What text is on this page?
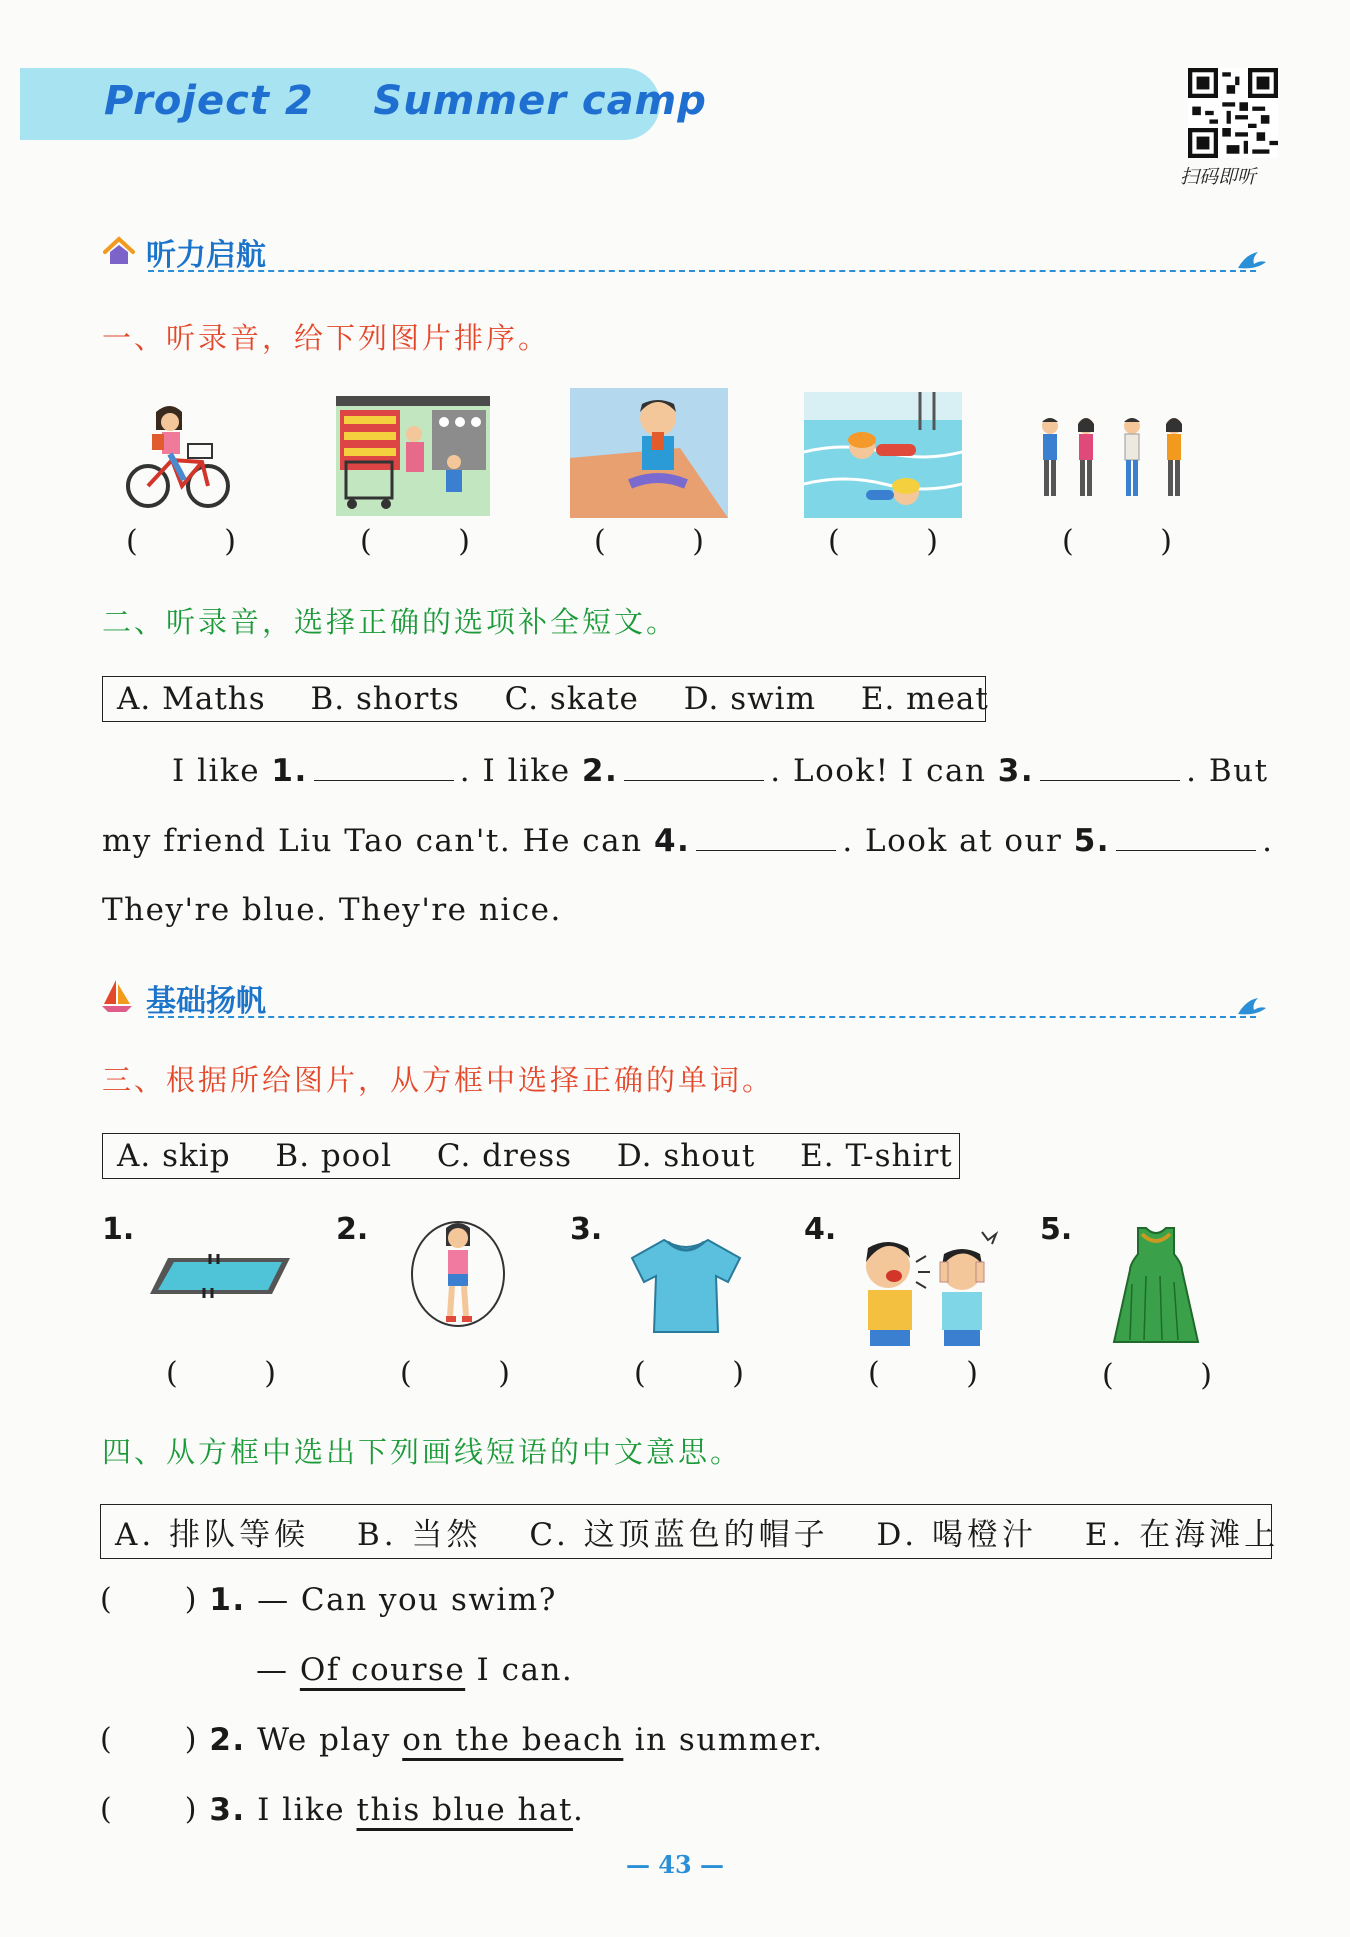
Project 2    Summer camp
扫码即听
听力启航
一、听录音，给下列图片排序。
(	)	(	)	(	)	(	)	(	)
二、听录音，选择正确的选项补全短文。
A. Maths B. shorts C. skate D. swim E. meat
I like 1.	. I like 2.	. Look! I can 3.	. But
my friend Liu Tao can't. He can 4.	. Look at our 5.	.
They're blue. They're nice.
基础扬帆
三、根据所给图片，从方框中选择正确的单词。
A. skip B. pool C. dress D. shout E. T-shirt
1.	2.	3.	4.	5.
(	)	(	)	(	)	(	)	(	)
四、从方框中选出下列画线短语的中文意思。
A. 排队等候 B. 当然 C. 这顶蓝色的帽子 D. 喝橙汁 E. 在海滩上
( ) 1. — Can you swim?
— Of course I can.
( ) 2. We play on the beach in summer.
( ) 3. I like this blue hat.
— 43 —
